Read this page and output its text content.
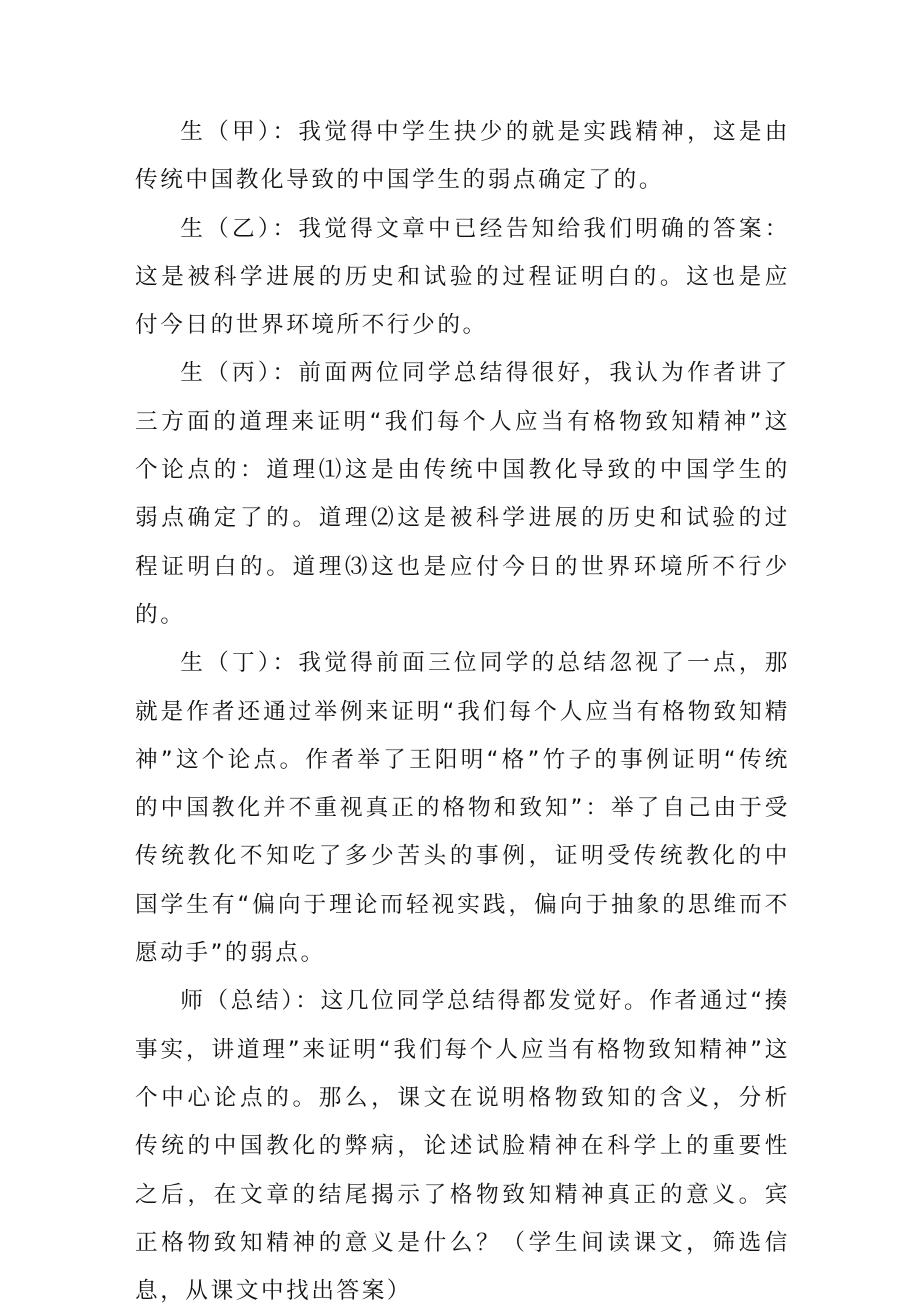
生（甲）：我觉得中学生抉少的就是实践精神，这是由传统中国教化导致的中国学生的弱点确定了的。

生（乙）：我觉得文章中已经告知给我们明确的答案：这是被科学进展的历史和试验的过程证明白的。这也是应付今日的世界环境所不行少的。

生（丙）：前面两位同学总结得很好，我认为作者讲了三方面的道理来证明“我们每个人应当有格物致知精神”这个论点的：道理⑴这是由传统中国教化导致的中国学生的弱点确定了的。道理⑵这是被科学进展的历史和试验的过程证明白的。道理⑶这也是应付今日的世界环境所不行少的。

生（丁）：我觉得前面三位同学的总结忽视了一点，那就是作者还通过举例来证明“我们每个人应当有格物致知精神”这个论点。作者举了王阳明“格”竹子的事例证明“传统的中国教化并不重视真正的格物和致知”：举了自己由于受传统教化不知吃了多少苦头的事例，证明受传统教化的中国学生有“偏向于理论而轻视实践，偏向于抽象的思维而不愿动手”的弱点。

师（总结）：这几位同学总结得都发觉好。作者通过“揍事实，讲道理”来证明“我们每个人应当有格物致知精神”这个中心论点的。那么，课文在说明格物致知的含义，分析传统的中国教化的弊病，论述试脸精神在科学上的重要性之后，在文章的结尾揭示了格物致知精神真正的意义。宾正格物致知精神的意义是什么？（学生间读课文，筛选信息，从课文中找出答案）
